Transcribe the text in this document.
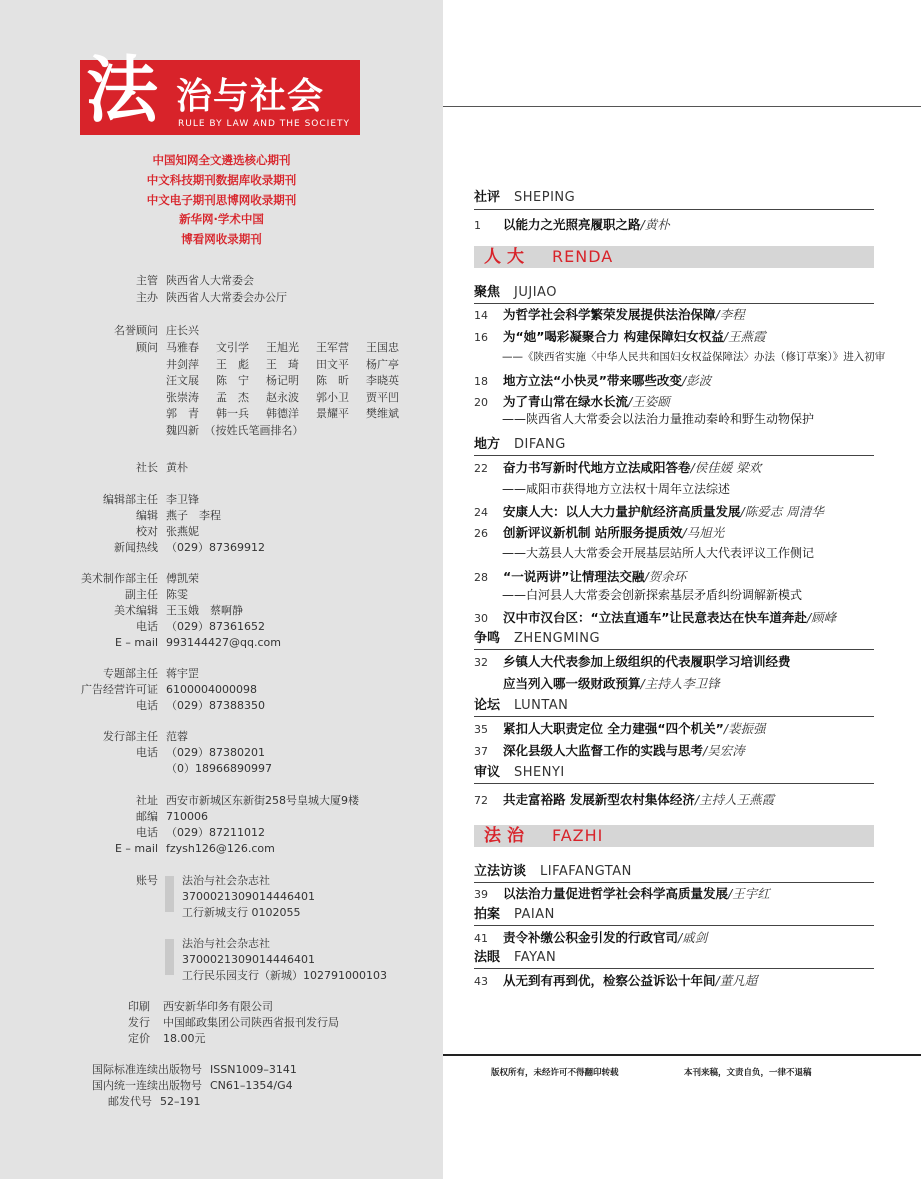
法 治与社会
RULE BY LAW AND THE SOCIETY
中国知网全文遴选核心期刊
中文科技期刊数据库收录期刊
中文电子期刊思博网收录期刊
新华网·学术中国
博看网收录期刊
主管 陕西省人大常委会
主办 陕西省人大常委会办公厅
名誉顾问 庄长兴
顾问 马雅春 文引学 王旭光 王军营 王国忠
井剑萍 王　彪 王　琦 田文平 杨广亭
汪文展 陈　宁 杨记明 陈　昕 李晓英
张崇涛 孟　杰 赵永波 郭小卫 贾平凹
郭　青 韩一兵 韩德洋 景耀平 樊维斌
魏四新　（按姓氏笔画排名）
社长 黄朴
编辑部主任 李卫锋
编辑 燕子　李程
校对 张燕妮
新闻热线 （029）87369912
美术制作部主任 傅凯荣
副主任 陈雯
美术编辑 王玉娥　蔡啊静
电话 （029）87361652
E – mail 993144427@qq.com
专题部主任 蒋宇罡
广告经营许可证 6100004000098
电话 （029）87388350
发行部主任 范蓉
电话 （029）87380201
（0）18966890997
社址 西安市新城区东新街258号皇城大厦9楼
邮编 710006
电话 （029）87211012
E – mail fzysh126@126.com
账号 法治与社会杂志社
3700021309014446401
工行新城支行 0102055
法治与社会杂志社
3700021309014446401
工行民乐园支行（新城）102791000103
印刷 西安新华印务有限公司
发行 中国邮政集团公司陕西省报刊发行局
定价 18.00元
国际标准连续出版物号 ISSN1009–3141
国内统一连续出版物号 CN61–1354/G4
邮发代号 52–191
社评 SHEPING
1 以能力之光照亮履职之路/黄朴
人大 RENDA
聚焦 JUJIAO
14 为哲学社会科学繁荣发展提供法治保障/李程
16 为“她”喝彩凝聚合力 构建保障妇女权益/王燕霞
——《陕西省实施〈中华人民共和国妇女权益保障法〉办法（修订草案）》进入初审
18 地方立法“小快灵”带来哪些改变/彭波
20 为了青山常在绿水长流/王姿颐
——陕西省人大常委会以法治力量推动秦岭和野生动物保护
地方 DIFANG
22 奋力书写新时代地方立法咸阳答卷/侯佳媛 梁欢
——咸阳市获得地方立法权十周年立法综述
24 安康人大：以人大力量护航经济高质量发展/陈爱志 周清华
26 创新评议新机制 站所服务提质效/马旭光
——大荔县人大常委会开展基层站所人大代表评议工作侧记
28 “一说两讲”让情理法交融/贺余环
——白河县人大常委会创新探索基层矛盾纠纷调解新模式
30 汉中市汉台区：“立法直通车”让民意表达在快车道奔赴/顾峰
争鸣 ZHENGMING
32 乡镇人大代表参加上级组织的代表履职学习培训经费
应当列入哪一级财政预算/主持人李卫锋
论坛 LUNTAN
35 紧扣人大职责定位 全力建强“四个机关”/裴振强
37 深化县级人大监督工作的实践与思考/吴宏涛
审议 SHENYI
72 共走富裕路 发展新型农村集体经济/主持人王燕霞
法治 FAZHI
立法访谈 LIFAFANGTAN
39 以法治力量促进哲学社会科学高质量发展/王宇红
拍案 PAIAN
41 责令补缴公积金引发的行政官司/戚剑
法眼 FAYAN
43 从无到有再到优，检察公益诉讼十年间/董凡超
版权所有，未经许可不得翻印转载	本刊来稿，文责自负，一律不退稿
